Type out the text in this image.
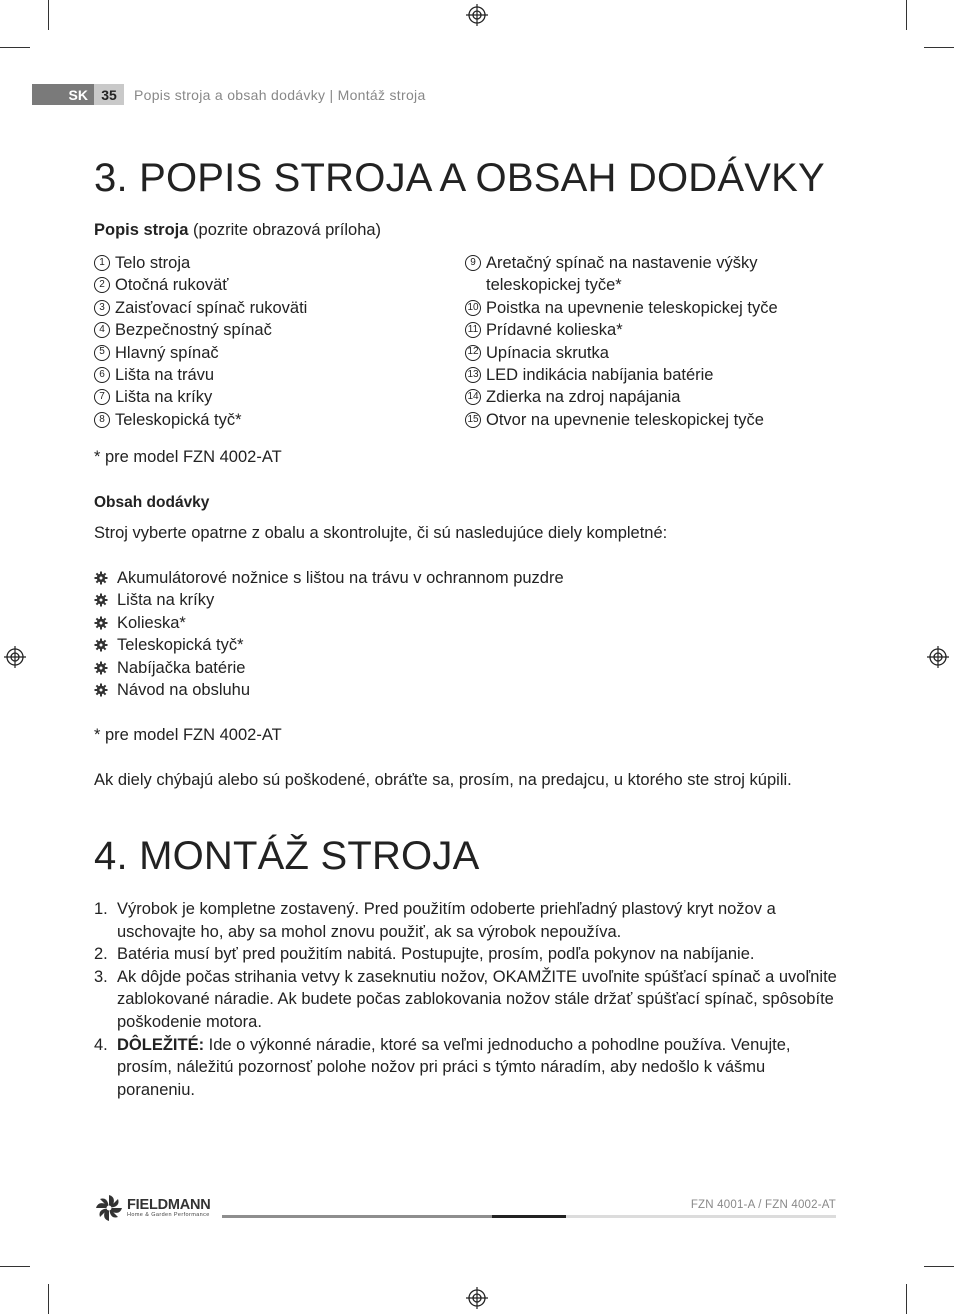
SK 35	Popis stroja a obsah dodávky | Montáž stroja
3. POPIS STROJA A OBSAH DODÁVKY

Popis stroja (pozrite obrazová príloha)

1 Telo stroja
2 Otočná rukoväť
3 Zaisťovací spínač rukoväti
4 Bezpečnostný spínač
5 Hlavný spínač
6 Lišta na trávu
7 Lišta na kríky
8 Teleskopická tyč*
9 Aretačný spínač na nastavenie výšky teleskopickej tyče*
10 Poistka na upevnenie teleskopickej tyče
11 Prídavné kolieska*
12 Upínacia skrutka
13 LED indikácia nabíjania batérie
14 Zdierka na zdroj napájania
15 Otvor na upevnenie teleskopickej tyče

* pre model FZN 4002-AT

Obsah dodávky

Stroj vyberte opatrne z obalu a skontrolujte, či sú nasledujúce diely kompletné:

Akumulátorové nožnice s lištou na trávu v ochrannom puzdre
Lišta na kríky
Kolieska*
Teleskopická tyč*
Nabíjačka batérie
Návod na obsluhu

* pre model FZN 4002-AT

Ak diely chýbajú alebo sú poškodené, obráťte sa, prosím, na predajcu, u ktorého ste stroj kúpili.

4. MONTÁŽ STROJA
1. Výrobok je kompletne zostavený. Pred použitím odoberte priehľadný plastový kryt nožov a uschovajte ho, aby sa mohol znovu použiť, ak sa výrobok nepoužíva.
2. Batéria musí byť pred použitím nabitá. Postupujte, prosím, podľa pokynov na nabíjanie.
3. Ak dôjde počas strihania vetvy k zaseknutiu nožov, OKAMŽITE uvoľnite spúšťací spínač a uvoľnite zablokované náradie. Ak budete počas zablokovania nožov stále držať spúšťací spínač, spôsobíte poškodenie motora.
4. DÔLEŽITÉ: Ide o výkonné náradie, ktoré sa veľmi jednoducho a pohodlne používa. Venujte, prosím, náležitú pozornosť polohe nožov pri práci s týmto náradím, aby nedošlo k vášmu poraneniu.
FIELDMANN
Home & Garden Performance
FZN 4001-A / FZN 4002-AT
